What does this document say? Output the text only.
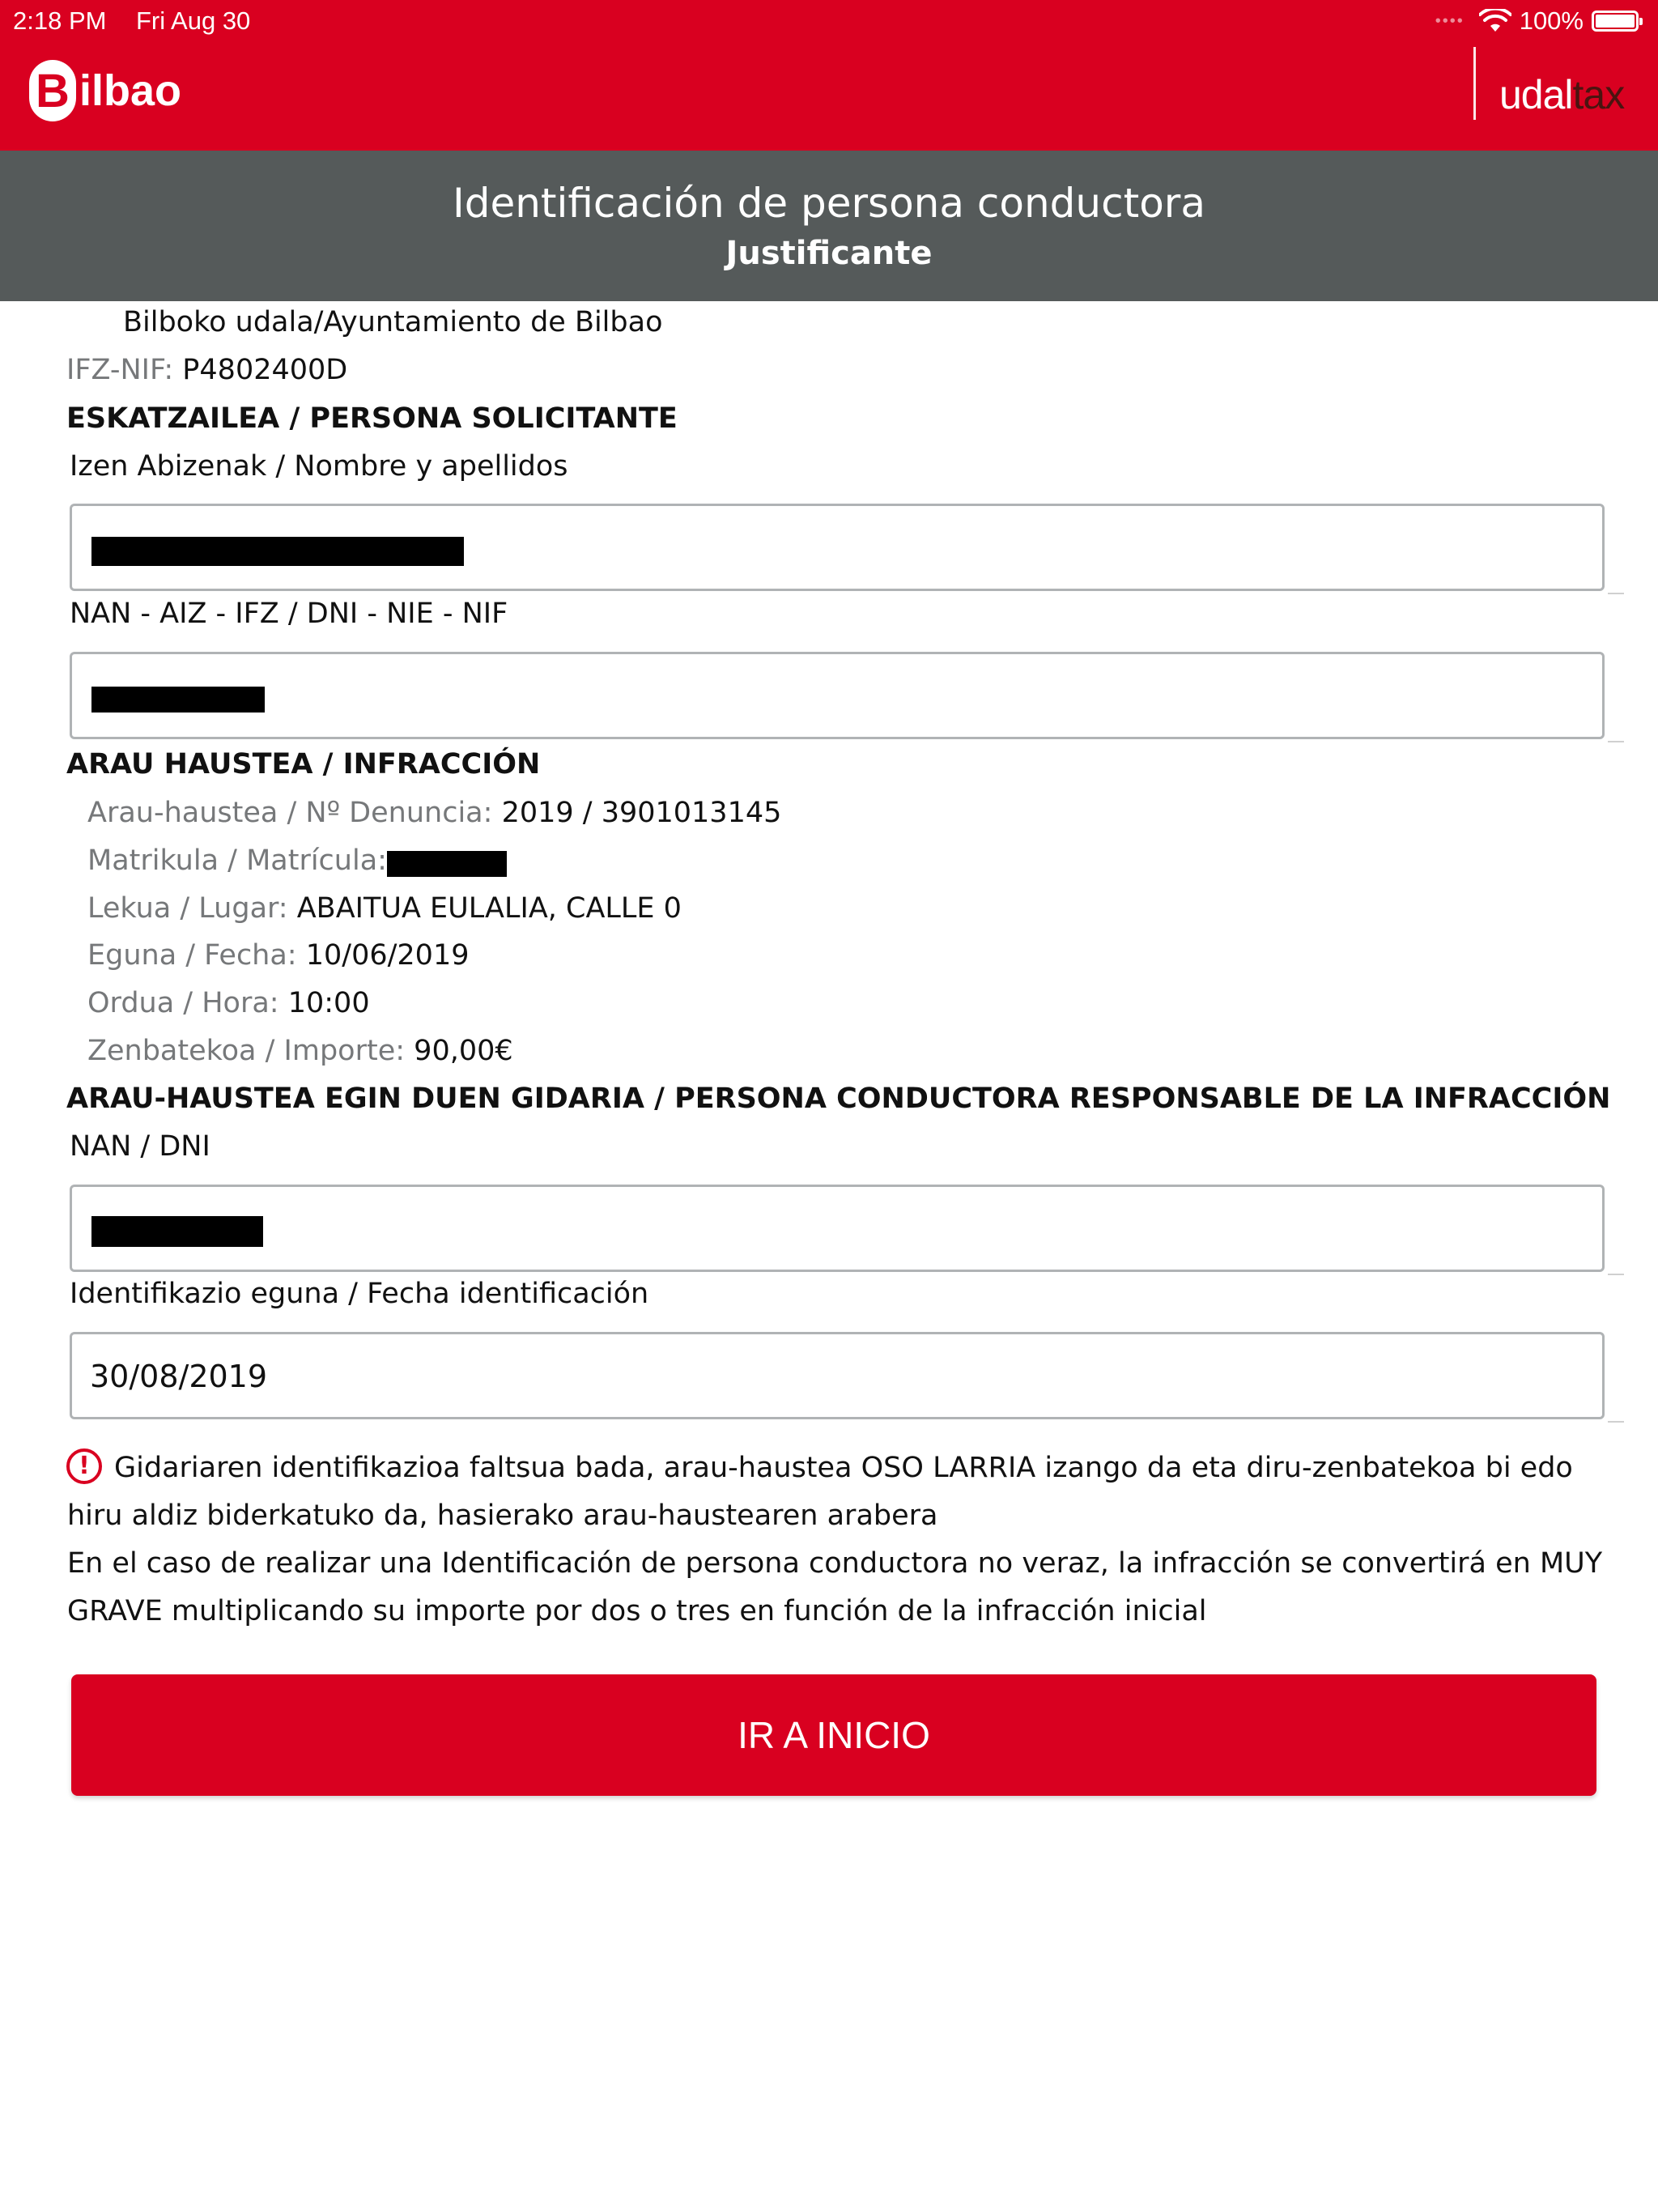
2:18 PM Fri Aug 30	•••• 100%
B ilbao	udaltax
Identificación de persona conductora
Justificante
Bilboko udala/Ayuntamiento de Bilbao
IFZ-NIF: P4802400D
ESKATZAILEA / PERSONA SOLICITANTE
Izen Abizenak / Nombre y apellidos
NAN - AIZ - IFZ / DNI - NIE - NIF
ARAU HAUSTEA / INFRACCIÓN
Arau-haustea / Nº Denuncia: 2019 / 3901013145
Matrikula / Matrícula:
Lekua / Lugar: ABAITUA EULALIA, CALLE 0
Eguna / Fecha: 10/06/2019
Ordua / Hora: 10:00
Zenbatekoa / Importe: 90,00€
ARAU-HAUSTEA EGIN DUEN GIDARIA / PERSONA CONDUCTORA RESPONSABLE DE LA INFRACCIÓN
NAN / DNI
Identifikazio eguna / Fecha identificación
30/08/2019
! Gidariaren identifikazioa faltsua bada, arau-haustea OSO LARRIA izango da eta diru-zenbatekoa bi edo hiru aldiz biderkatuko da, hasierako arau-haustearen arabera
En el caso de realizar una Identificación de persona conductora no veraz, la infracción se convertirá en MUY GRAVE multiplicando su importe por dos o tres en función de la infracción inicial
IR A INICIO
